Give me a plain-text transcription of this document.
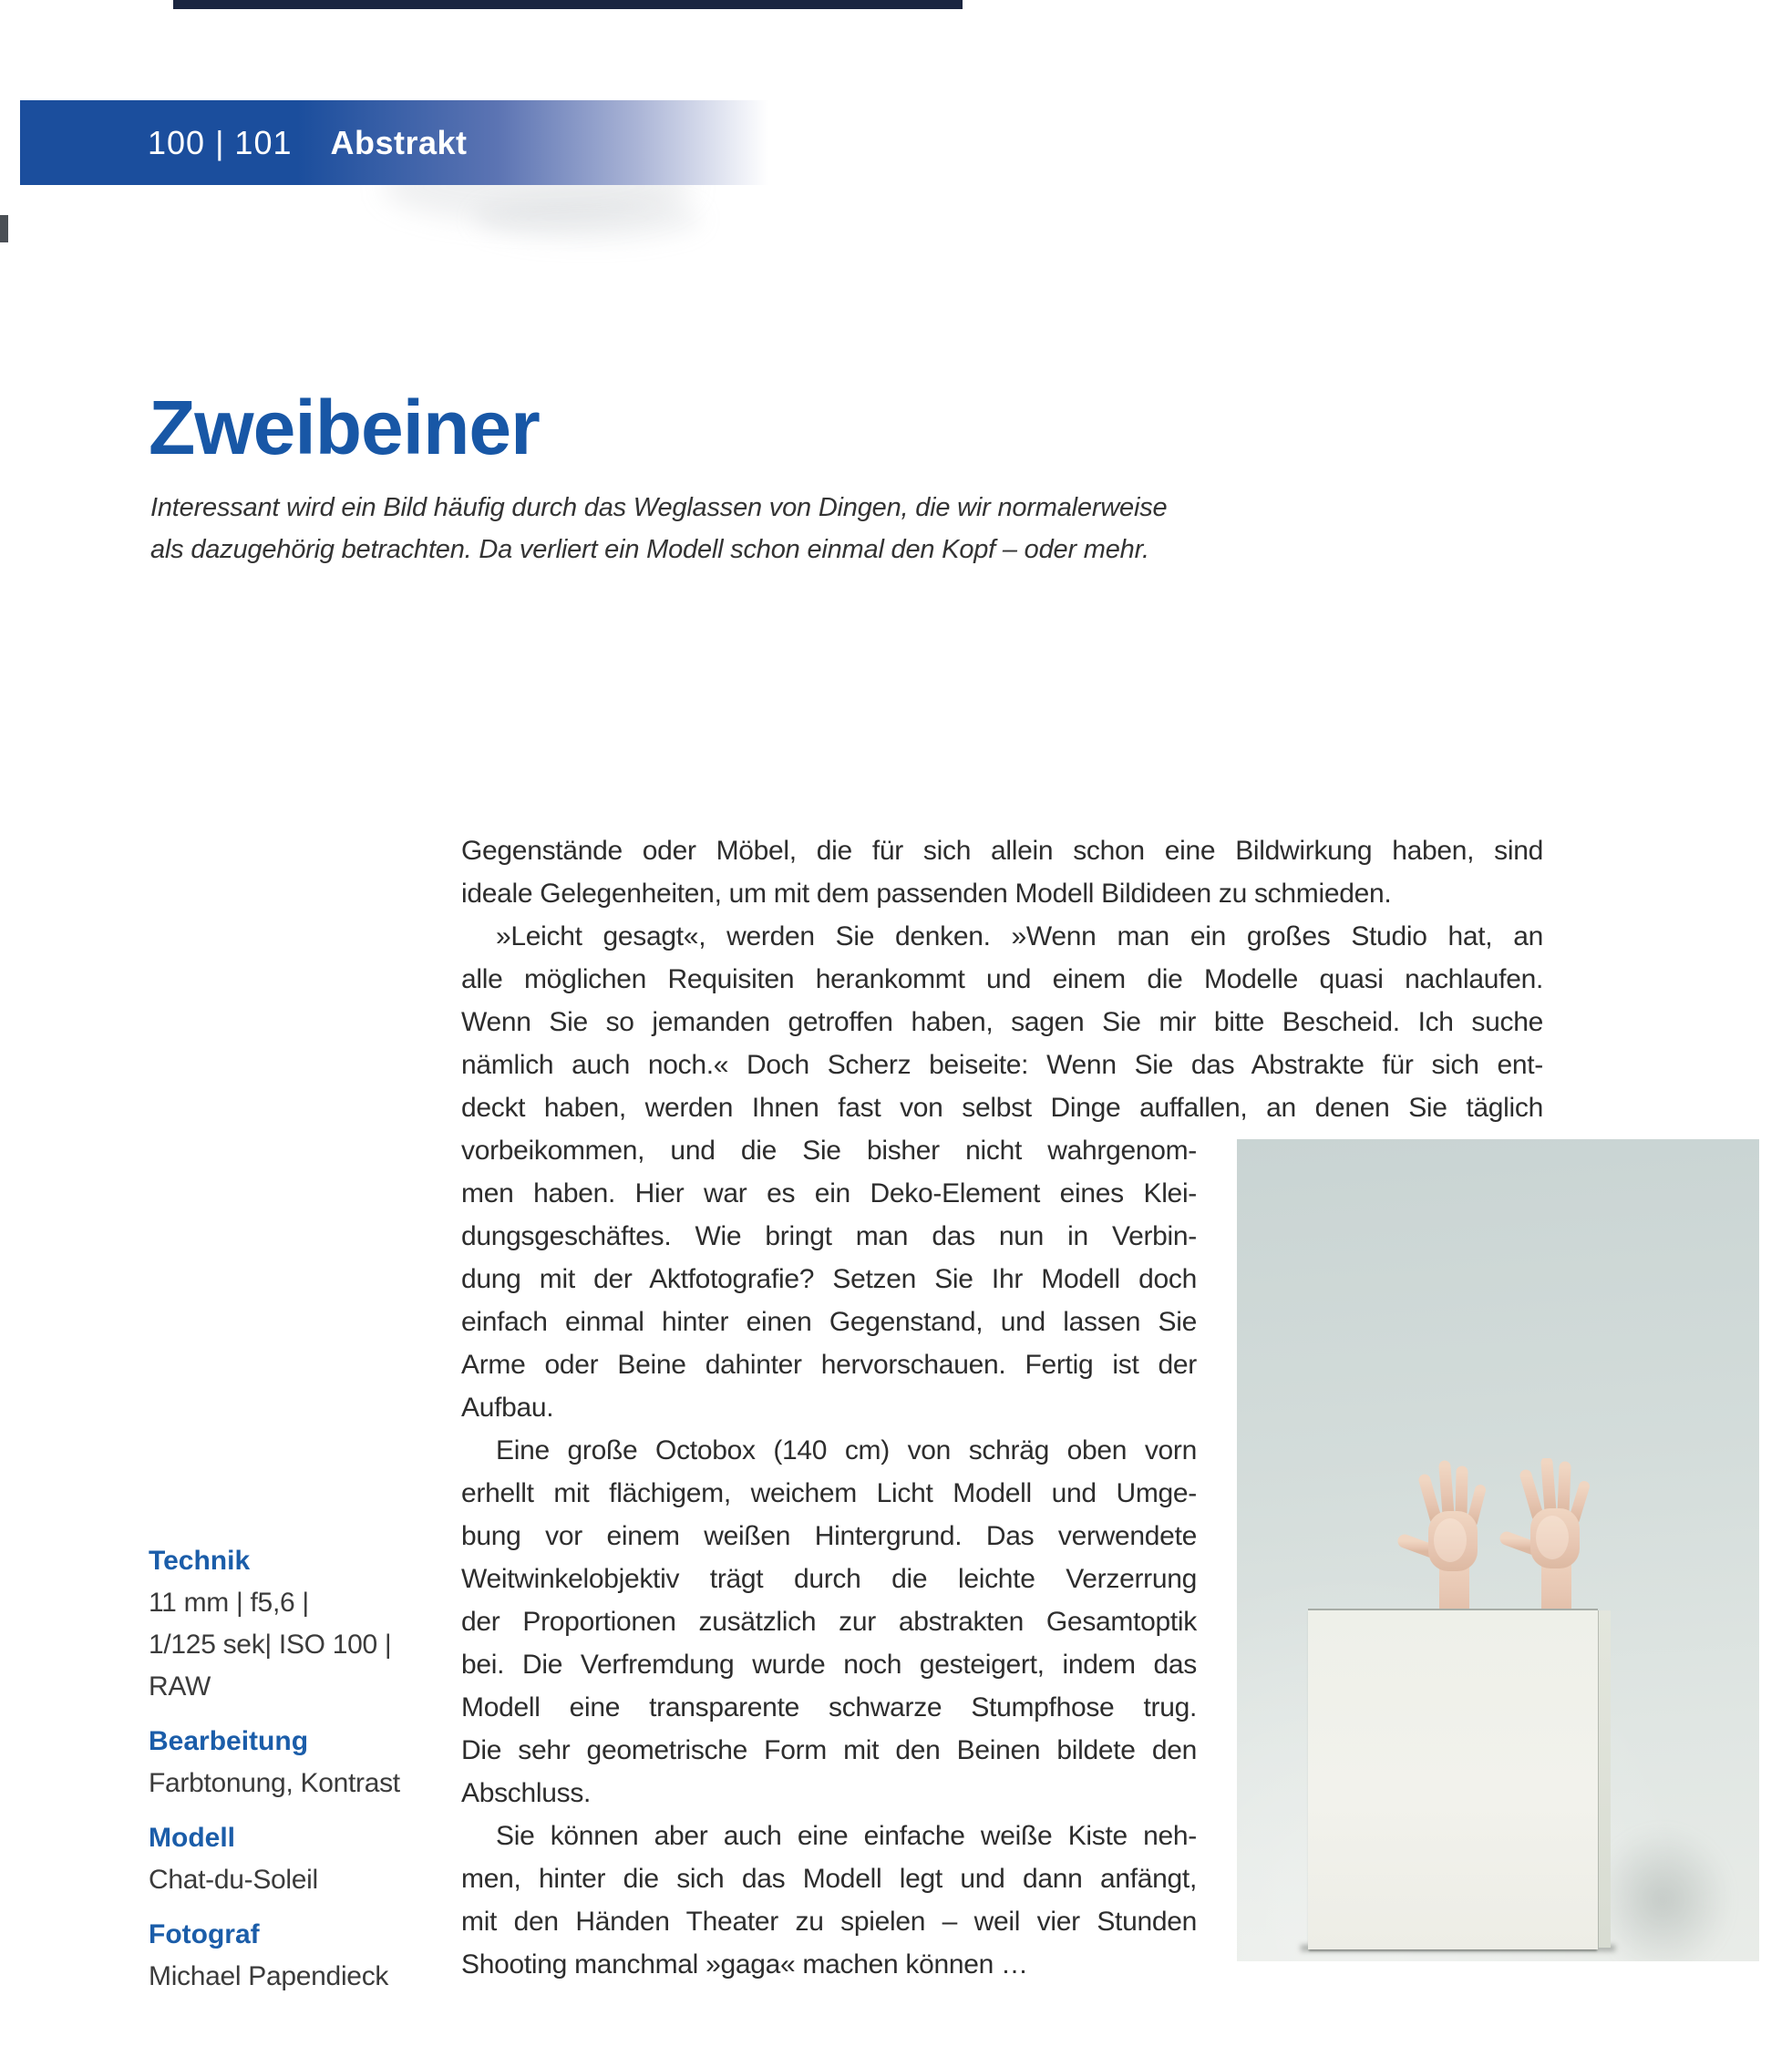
100 | 101 Abstrakt
Zweibeiner
Interessant wird ein Bild häufig durch das Weglassen von Dingen, die wir normalerweise
als dazugehörig betrachten. Da verliert ein Modell schon einmal den Kopf – oder mehr.
Gegenstände oder Möbel, die für sich allein schon eine Bildwirkung haben, sind
ideale Gelegenheiten, um mit dem passenden Modell Bildideen zu schmieden.
»Leicht gesagt«, werden Sie denken. »Wenn man ein großes Studio hat, an
alle möglichen Requisiten herankommt und einem die Modelle quasi nachlaufen.
Wenn Sie so jemanden getroffen haben, sagen Sie mir bitte Bescheid. Ich suche
nämlich auch noch.« Doch Scherz beiseite: Wenn Sie das Abstrakte für sich ent-
deckt haben, werden Ihnen fast von selbst Dinge auffallen, an denen Sie täglich
vorbeikommen, und die Sie bisher nicht wahrgenom-
men haben. Hier war es ein Deko-Element eines Klei-
dungsgeschäftes. Wie bringt man das nun in Verbin-
dung mit der Aktfotografie? Setzen Sie Ihr Modell doch
einfach einmal hinter einen Gegenstand, und lassen Sie
Arme oder Beine dahinter hervorschauen. Fertig ist der
Aufbau.
Eine große Octobox (140 cm) von schräg oben vorn
erhellt mit flächigem, weichem Licht Modell und Umge-
bung vor einem weißen Hintergrund. Das verwendete
Weitwinkelobjektiv trägt durch die leichte Verzerrung
der Proportionen zusätzlich zur abstrakten Gesamtoptik
bei. Die Verfremdung wurde noch gesteigert, indem das
Modell eine transparente schwarze Stumpfhose trug.
Die sehr geometrische Form mit den Beinen bildete den
Abschluss.
Sie können aber auch eine einfache weiße Kiste neh-
men, hinter die sich das Modell legt und dann anfängt,
mit den Händen Theater zu spielen – weil vier Stunden
Shooting manchmal »gaga« machen können …
Technik
11 mm | f5,6 |
1/125 sek| ISO 100 |
RAW
Bearbeitung
Farbtonung, Kontrast
Modell
Chat-du-Soleil
Fotograf
Michael Papendieck
